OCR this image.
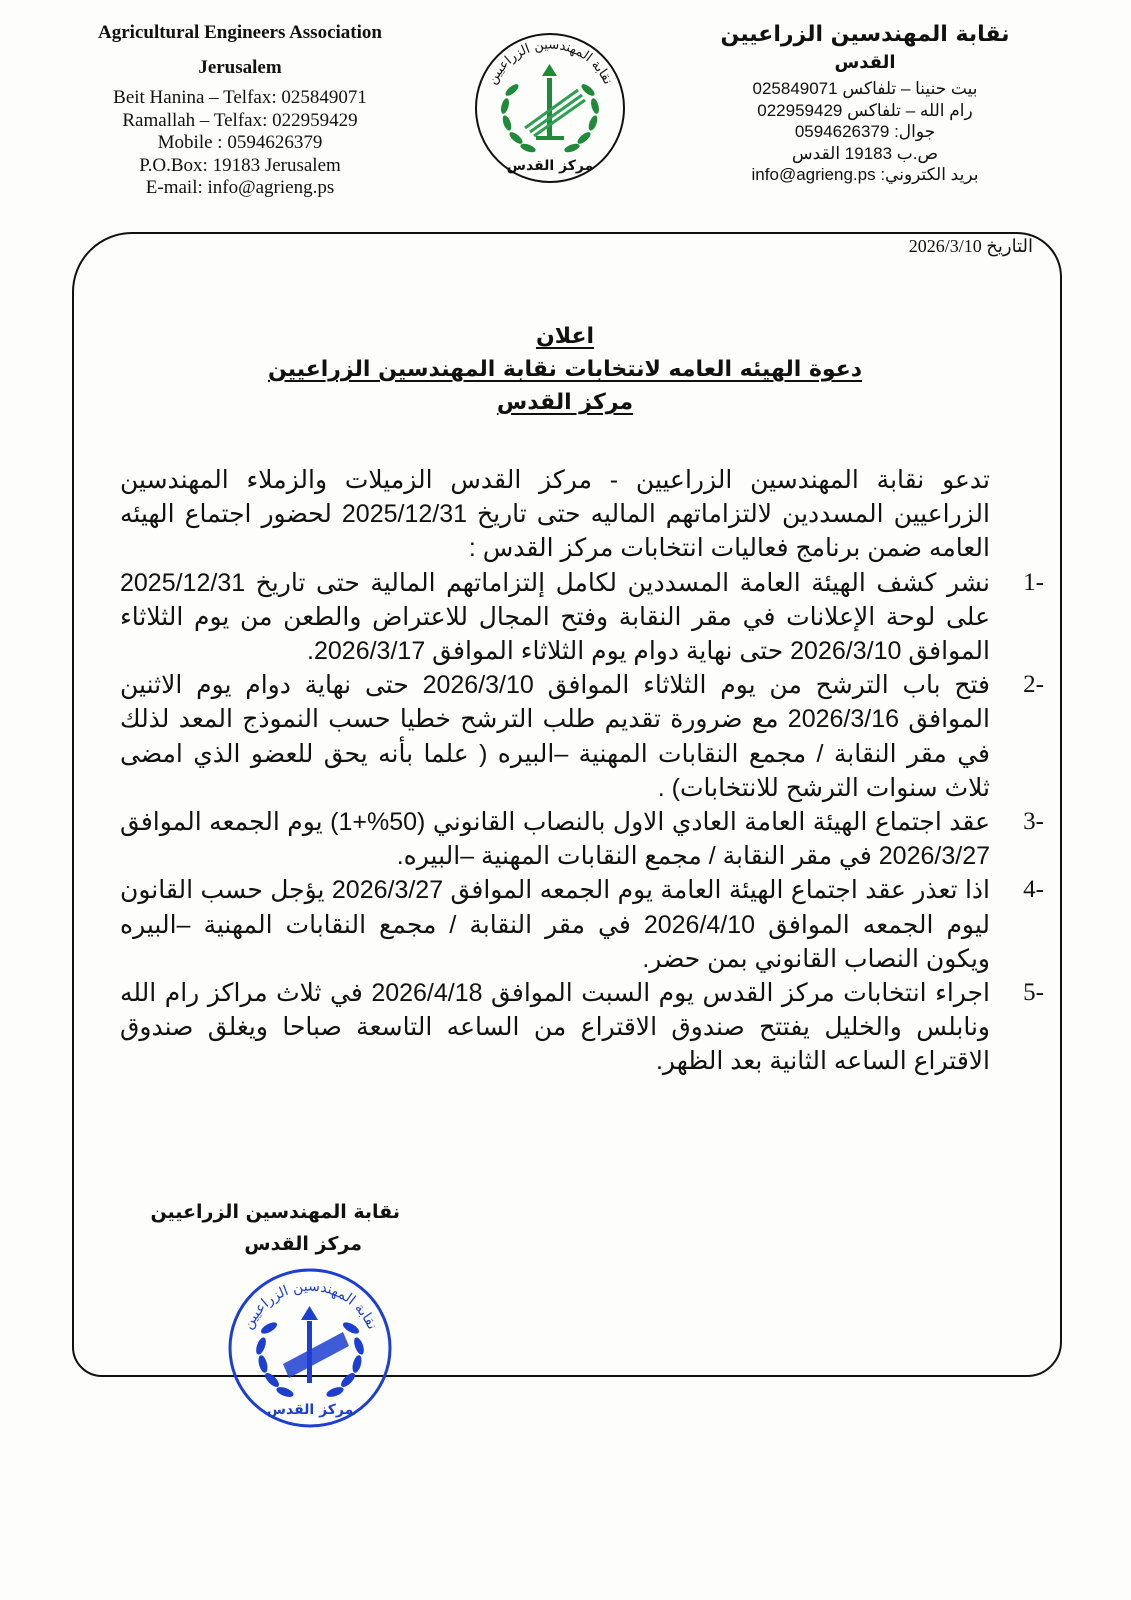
Agricultural Engineers Association
Jerusalem
Beit Hanina – Telfax: 025849071
Ramallah – Telfax: 022959429
Mobile : 0594626379
P.O.Box: 19183 Jerusalem
E-mail: info@agrieng.ps
نقابة المهندسين الزراعيين
مركز القدس
نقابة المهندسين الزراعيين
القدس
بيت حنينا – تلفاكس 025849071
رام الله – تلفاكس 022959429
جوال: 0594626379
ص.ب 19183 القدس
بريد الكتروني: info@agrieng.ps
التاريخ 2026/3/10
اعلان
دعوة الهيئه العامه لانتخابات نقابة المهندسين الزراعيين
مركز القدس
تدعو نقابة المهندسين الزراعيين - مركز القدس الزميلات والزملاء المهندسين الزراعيين المسددين لالتزاماتهم الماليه حتى تاريخ 2025/12/31 لحضور اجتماع الهيئه العامه ضمن برنامج فعاليات انتخابات مركز القدس :
1-
نشر كشف الهيئة العامة المسددين لكامل إلتزاماتهم المالية حتى تاريخ 2025/12/31 على لوحة الإعلانات في مقر النقابة وفتح المجال للاعتراض والطعن من يوم الثلاثاء الموافق 2026/3/10 حتى نهاية دوام يوم الثلاثاء الموافق 2026/3/17.
2-
فتح باب الترشح من يوم الثلاثاء الموافق 2026/3/10 حتى نهاية دوام يوم الاثنين الموافق 2026/3/16 مع ضرورة تقديم طلب الترشح خطيا حسب النموذج المعد لذلك في مقر النقابة / مجمع النقابات المهنية –البيره ( علما بأنه يحق للعضو الذي امضى ثلاث سنوات الترشح للانتخابات) .
3-
عقد اجتماع الهيئة العامة العادي الاول بالنصاب القانوني (50%+1) يوم الجمعه الموافق 2026/3/27 في مقر النقابة / مجمع النقابات المهنية –البيره.
4-
اذا تعذر عقد اجتماع الهيئة العامة يوم الجمعه الموافق 2026/3/27 يؤجل حسب القانون ليوم الجمعه الموافق 2026/4/10 في مقر النقابة / مجمع النقابات المهنية –البيره ويكون النصاب القانوني بمن حضر.
5-
اجراء انتخابات مركز القدس يوم السبت الموافق 2026/4/18 في ثلاث مراكز رام الله ونابلس والخليل يفتتح صندوق الاقتراع من الساعه التاسعة صباحا ويغلق صندوق الاقتراع الساعه الثانية بعد الظهر.
نقابة المهندسين الزراعيين
مركز القدس
نقابة المهندسين الزراعيين
مركز القدس
